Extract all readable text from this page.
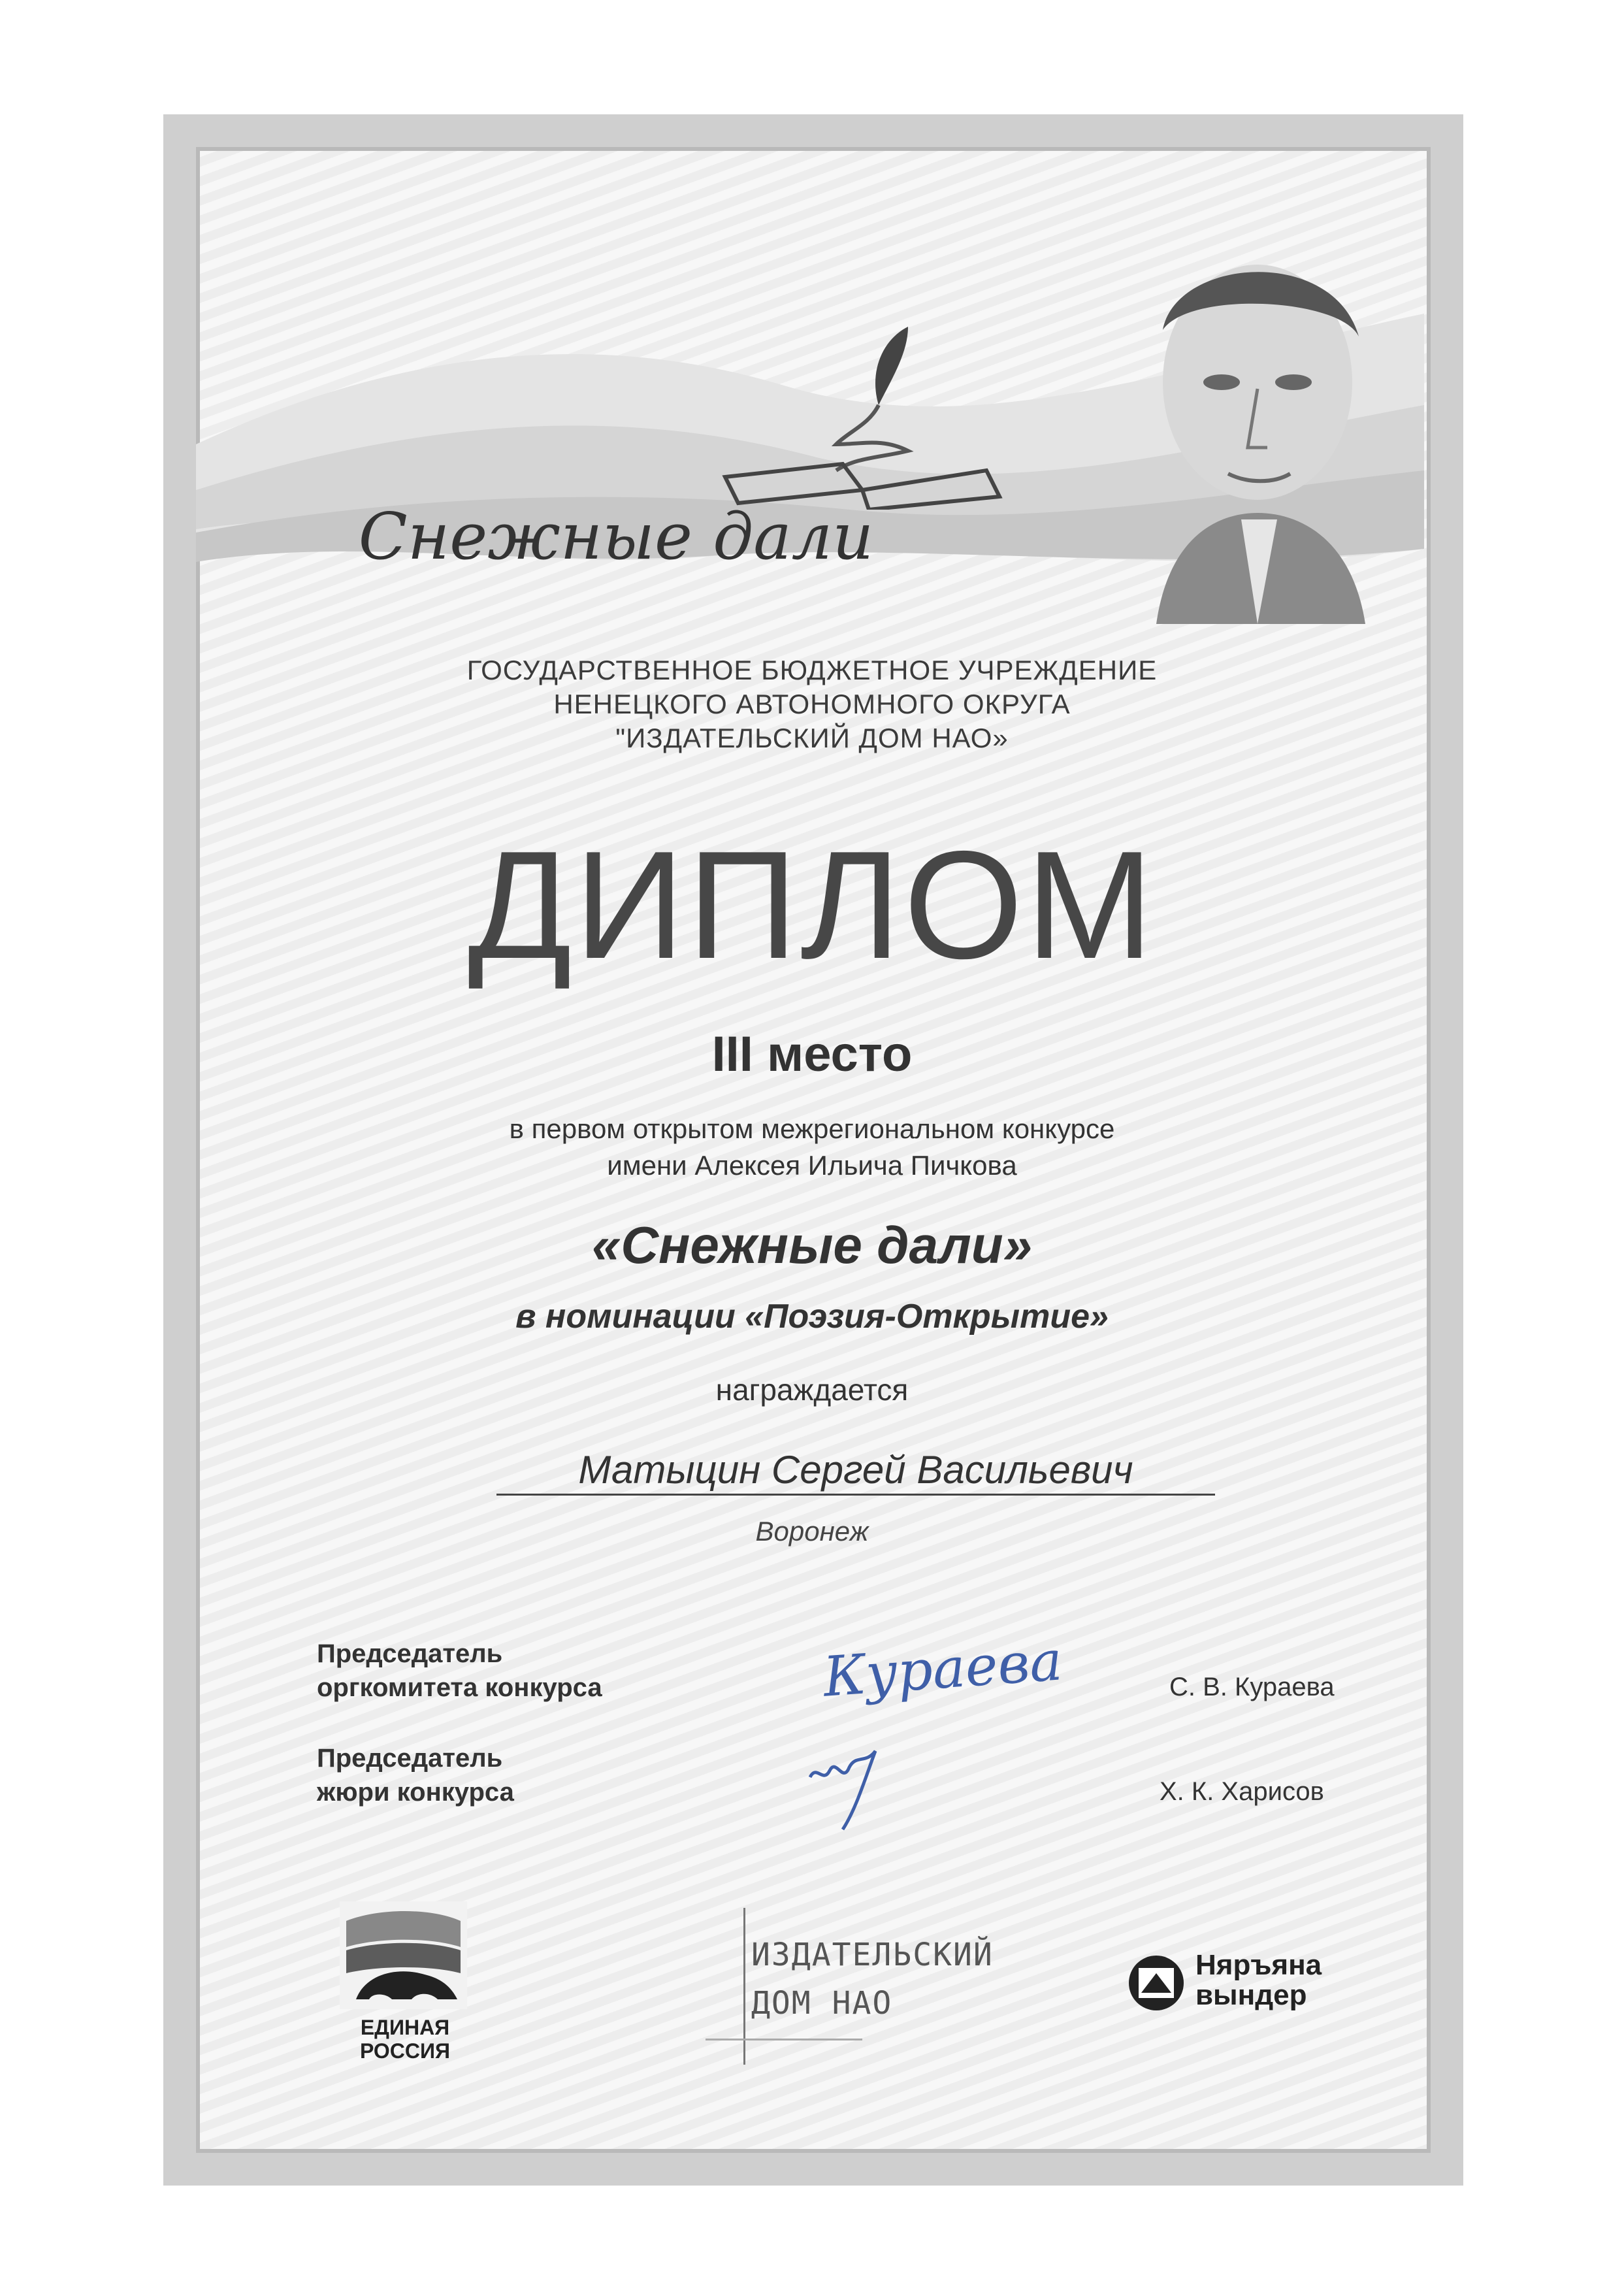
Снежные дали
ГОСУДАРСТВЕННОЕ БЮДЖЕТНОЕ УЧРЕЖДЕНИЕ
НЕНЕЦКОГО АВТОНОМНОГО ОКРУГА
"ИЗДАТЕЛЬСКИЙ ДОМ НАО»
ДИПЛОМ
III место
в первом открытом межрегиональном конкурсе
имени Алексея Ильича Пичкова
«Снежные дали»
в номинации «Поэзия-Открытие»
награждается
Матыцин Сергей Васильевич
Воронеж
Председатель
оргкомитета конкурса	Кураева	С. В. Кураева
Председатель
жюри конкурса	Х. К. Харисов
ЕДИНАЯ
РОССИЯ
ИЗДАТЕЛЬСКИЙ
ДОМ НАО
Няръяна
вындер
